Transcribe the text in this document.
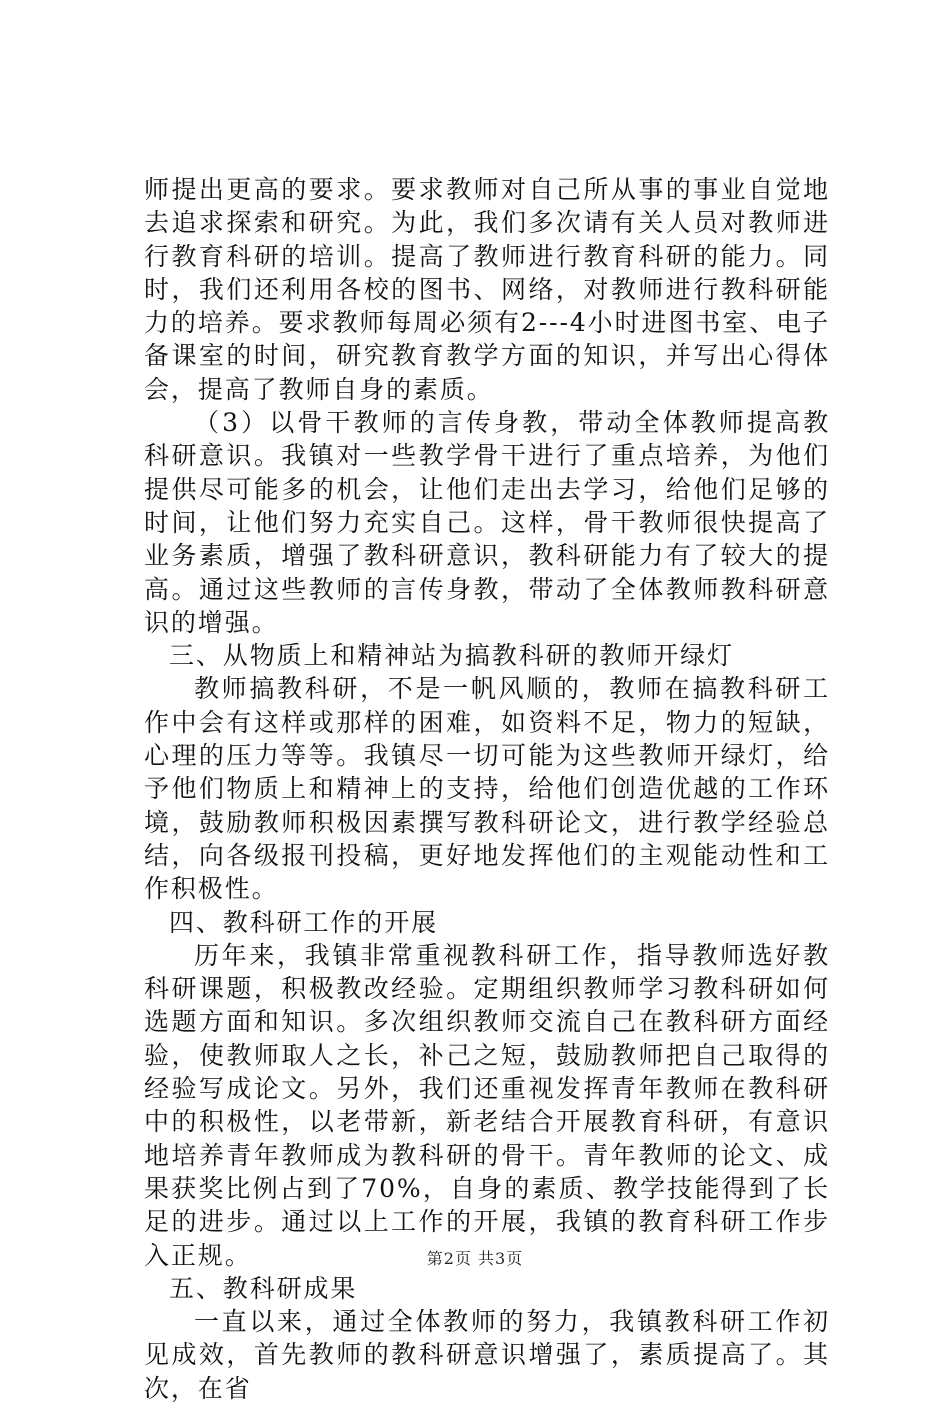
师提出更高的要求。要求教师对自己所从事的事业自觉地去追求探索和研究。为此，我们多次请有关人员对教师进行教育科研的培训。提高了教师进行教育科研的能力。同时，我们还利用各校的图书、网络，对教师进行教科研能力的培养。要求教师每周必须有2---4小时进图书室、电子备课室的时间，研究教育教学方面的知识，并写出心得体会，提高了教师自身的素质。

（3）以骨干教师的言传身教，带动全体教师提高教科研意识。我镇对一些教学骨干进行了重点培养，为他们提供尽可能多的机会，让他们走出去学习，给他们足够的时间，让他们努力充实自己。这样，骨干教师很快提高了业务素质，增强了教科研意识，教科研能力有了较大的提高。通过这些教师的言传身教，带动了全体教师教科研意识的增强。

三、从物质上和精神站为搞教科研的教师开绿灯

教师搞教科研，不是一帆风顺的，教师在搞教科研工作中会有这样或那样的困难，如资料不足，物力的短缺，心理的压力等等。我镇尽一切可能为这些教师开绿灯，给予他们物质上和精神上的支持，给他们创造优越的工作环境，鼓励教师积极因素撰写教科研论文，进行教学经验总结，向各级报刊投稿，更好地发挥他们的主观能动性和工作积极性。

四、教科研工作的开展

历年来，我镇非常重视教科研工作，指导教师选好教科研课题，积极教改经验。定期组织教师学习教科研如何选题方面和知识。多次组织教师交流自己在教科研方面经验，使教师取人之长，补己之短，鼓励教师把自己取得的经验写成论文。另外，我们还重视发挥青年教师在教科研中的积极性，以老带新，新老结合开展教育科研，有意识地培养青年教师成为教科研的骨干。青年教师的论文、成果获奖比例占到了70%，自身的素质、教学技能得到了长足的进步。通过以上工作的开展，我镇的教育科研工作步入正规。

五、教科研成果

一直以来，通过全体教师的努力，我镇教科研工作初见成效，首先教师的教科研意识增强了，素质提高了。其次，在省

第2页 共3页
